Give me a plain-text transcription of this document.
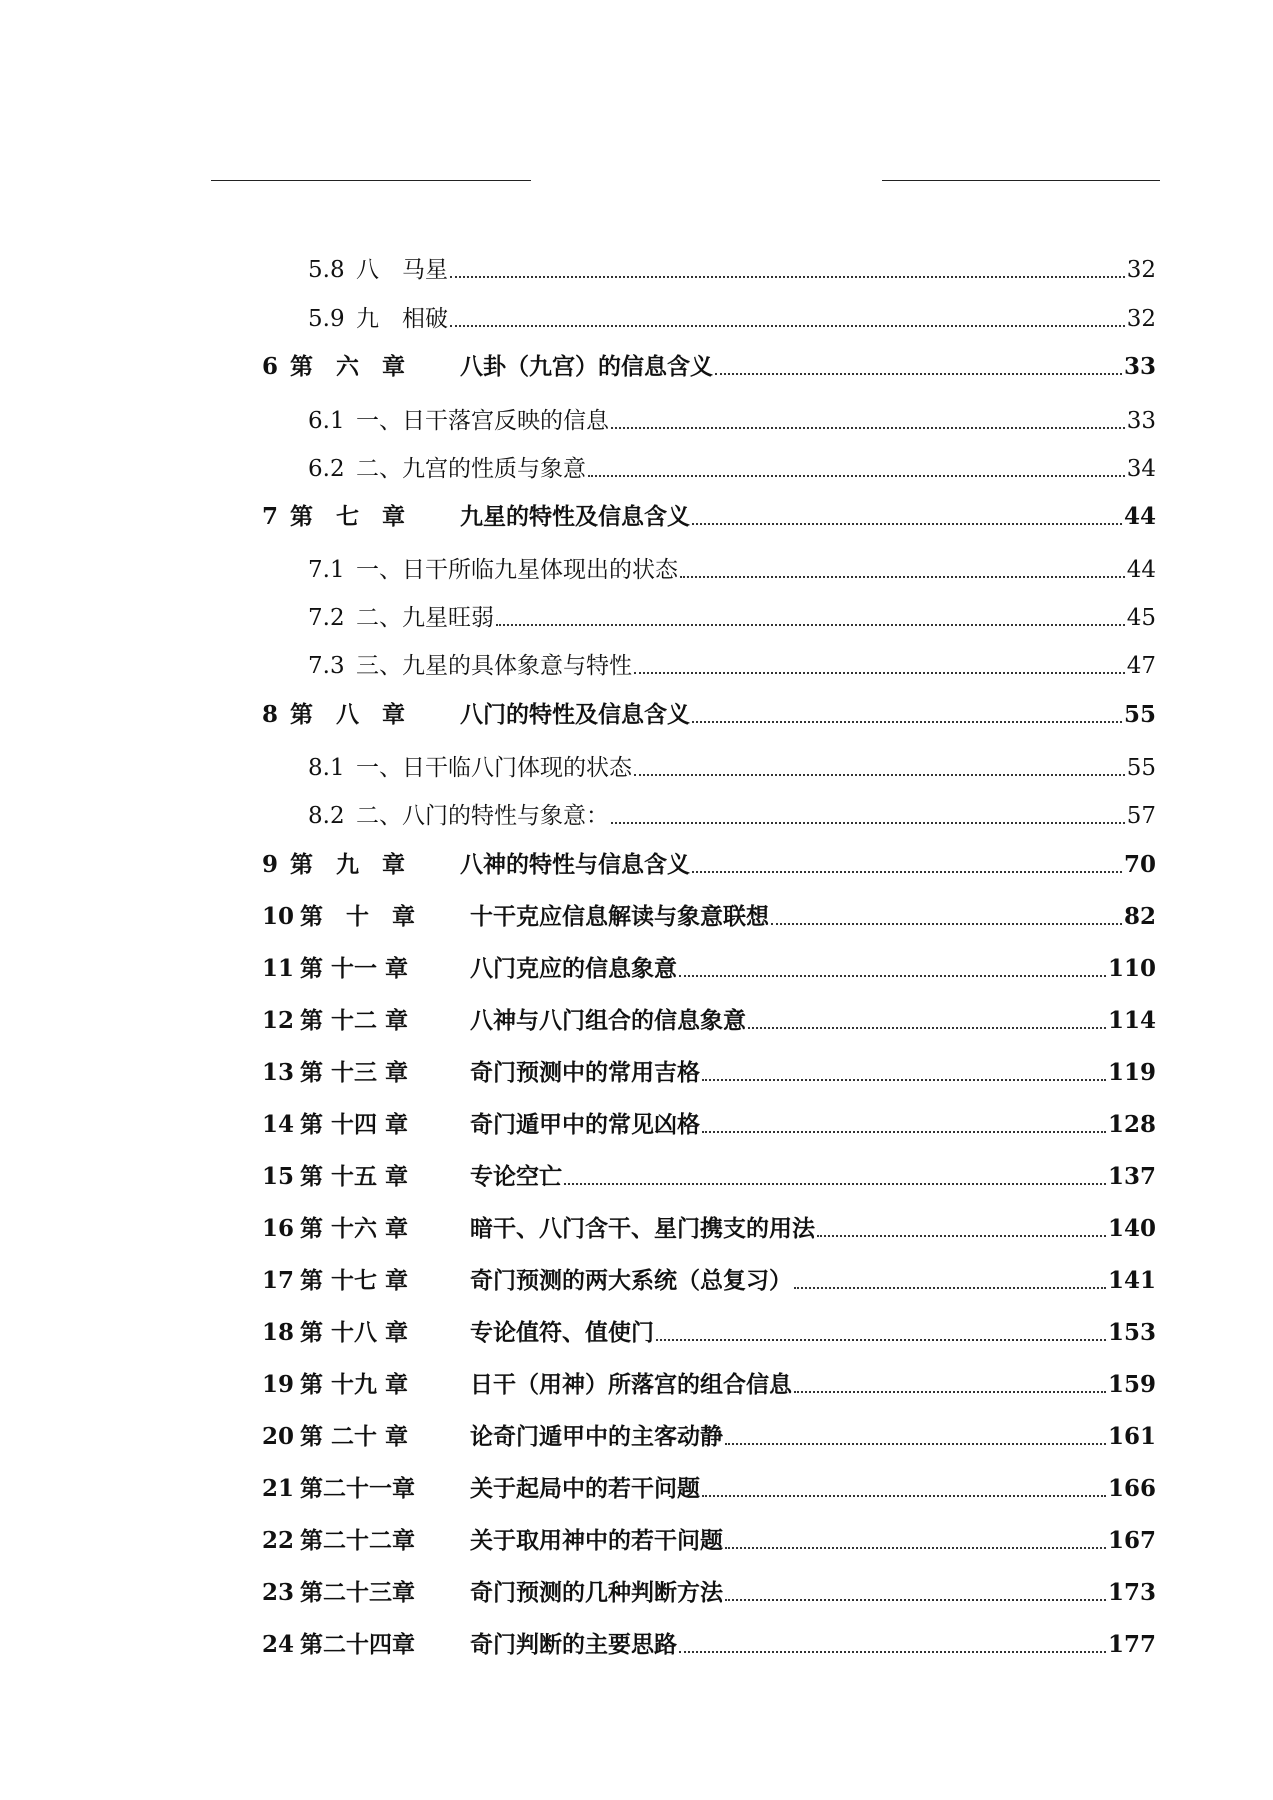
5.8 八　马星	32
5.9 九　相破	32
6 第　六　章	八卦（九宫）的信息含义	33
6.1 一、日干落宫反映的信息	33
6.2 二、九宫的性质与象意	34
7 第　七　章	九星的特性及信息含义	44
7.1 一、日干所临九星体现出的状态	44
7.2 二、九星旺弱	45
7.3 三、九星的具体象意与特性	47
8 第　八　章	八门的特性及信息含义	55
8.1 一、日干临八门体现的状态	55
8.2 二、八门的特性与象意：	57
9 第　九　章	八神的特性与信息含义	70
10 第　十　章	十干克应信息解读与象意联想	82
11 第 十一 章	八门克应的信息象意	110
12 第 十二 章	八神与八门组合的信息象意	114
13 第 十三 章	奇门预测中的常用吉格	119
14 第 十四 章	奇门遁甲中的常见凶格	128
15 第 十五 章	专论空亡	137
16 第 十六 章	暗干、八门含干、星门携支的用法	140
17 第 十七 章	奇门预测的两大系统（总复习）	141
18 第 十八 章	专论值符、值使门	153
19 第 十九 章	日干（用神）所落宫的组合信息	159
20 第 二十 章	论奇门遁甲中的主客动静	161
21 第二十一章	关于起局中的若干问题	166
22 第二十二章	关于取用神中的若干问题	167
23 第二十三章	奇门预测的几种判断方法	173
24 第二十四章	奇门判断的主要思路	177
